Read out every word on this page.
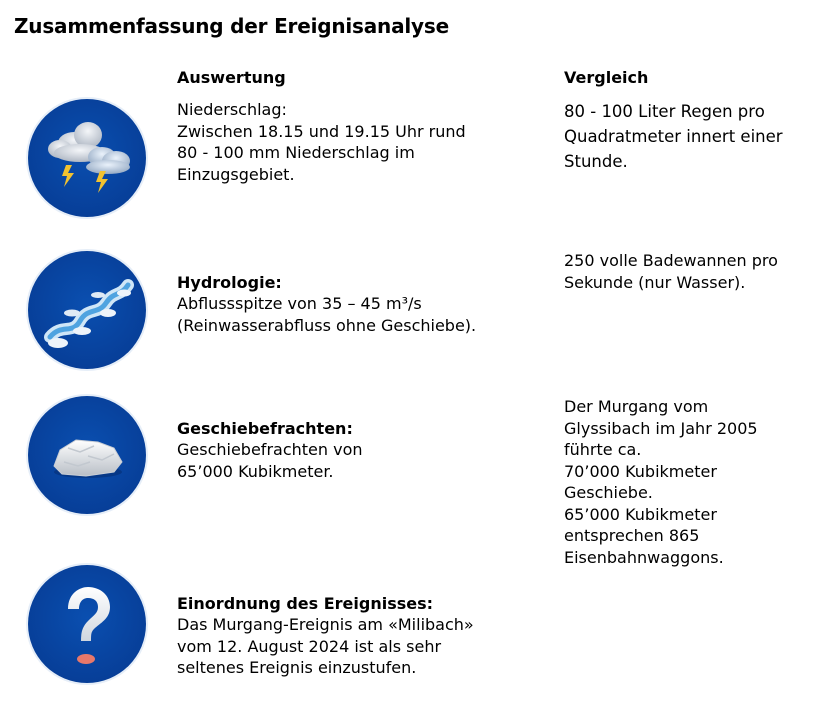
Zusammenfassung der Ereignisanalyse
Auswertung	Vergleich
Niederschlag:
Zwischen 18.15 und 19.15 Uhr rund
80 - 100 mm Niederschlag im
Einzugsgebiet.
80 - 100 Liter Regen pro
Quadratmeter innert einer
Stunde.

Hydrologie:
Abflussspitze von 35 – 45 m³/s
(Reinwasserabfluss ohne Geschiebe).

250 volle Badewannen pro
Sekunde (nur Wasser).

Geschiebefrachten:
Geschiebefrachten von
65’000 Kubikmeter.

Der Murgang vom
Glyssibach im Jahr 2005
führte ca.
70’000 Kubikmeter
Geschiebe.
65’000 Kubikmeter
entsprechen 865
Eisenbahnwaggons.

Einordnung des Ereignisses:
Das Murgang-Ereignis am «Milibach»
vom 12. August 2024 ist als sehr
seltenes Ereignis einzustufen.
